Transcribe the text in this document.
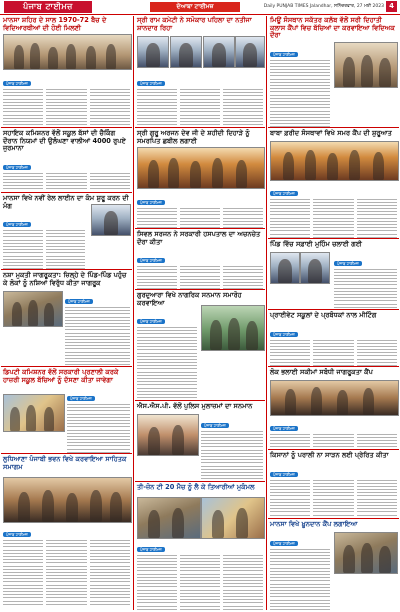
ਪੰਜਾਬ ਟਾਈਮਜ਼	ਦੋਆਬਾ ਟਾਈਮਜ਼	Daily PUNJAB TIMES Jalandhar, ਸਨਿੱਚਰਵਾਰ, 27 ਮਈ 2023 4
ਮਾਨਸਾ ਸ਼ਹਿਰ ਦੇ ਸਾਲ 1970-72 ਬੈਚ ਦੇ ਵਿਦਿਆਰਥੀਆਂ ਦੀ ਹੋਈ ਮਿਲਣੀ
ਪੰਜਾਬ ਟਾਈਮਜ਼
ਸਹਾਇਕ ਕਮਿਸ਼ਨਰ ਵੱਲੋਂ ਸਕੂਲ ਬੱਸਾਂ ਦੀ ਚੈਕਿੰਗ ਦੌਰਾਨ ਨਿਯਮਾਂ ਦੀ ਉਲੰਘਣਾ ਵਾਲੀਆਂ 4000 ਰੁਪਏ ਜੁਰਮਾਨਾ
ਪੰਜਾਬ ਟਾਈਮਜ਼
ਮਾਨਸਾ ਵਿਖੇ ਨਵੀਂ ਰੇਲ ਲਾਈਨ ਦਾ ਕੰਮ ਸ਼ੁਰੂ ਕਰਨ ਦੀ ਮੰਗ
ਪੰਜਾਬ ਟਾਈਮਜ਼
ਨਸ਼ਾ ਮੁਕਤੀ ਜਾਗਰੂਕਤਾ: ਜ਼ਿਲ੍ਹੇ ਦੇ ਪਿੰਡ-ਪਿੰਡ ਪਹੁੰਚ ਕੇ ਲੋਕਾਂ ਨੂੰ ਨਸ਼ਿਆਂ ਵਿਰੁੱਧ ਕੀਤਾ ਜਾਗਰੂਕ
ਪੰਜਾਬ ਟਾਈਮਜ਼
ਡਿਪਟੀ ਕਮਿਸ਼ਨਰ ਵੱਲੋਂ ਸਰਕਾਰੀ ਪ੍ਰਣਾਲੀ ਕਰਕੇ ਹਾਜ਼ਰੀ ਸਕੂਲ ਬੱਚਿਆਂ ਨੂੰ ਦੱਸਣਾ ਕੀਤਾ ਜਾਵੇਗਾ
ਪੰਜਾਬ ਟਾਈਮਜ਼
ਲੁਧਿਆਣਾ ਪੰਜਾਬੀ ਭਵਨ ਵਿਖੇ ਕਰਵਾਇਆ ਸਾਹਿਤਕ ਸਮਾਗਮ
ਪੰਜਾਬ ਟਾਈਮਜ਼
ਸ੍ਰੀ ਰਾਮ ਕਮੇਟੀ ਨੇ ਸਮੋਕਾਰ ਪਹਿਲਾ ਦਾ ਨਤੀਜਾ ਸ਼ਾਨਦਾਰ ਰਿਹਾ
ਪੰਜਾਬ ਟਾਈਮਜ਼
ਸ੍ਰੀ ਗੁਰੂ ਅਰਜਨ ਦੇਵ ਜੀ ਦੇ ਸ਼ਹੀਦੀ ਦਿਹਾੜੇ ਨੂੰ ਸਮਰਪਿਤ ਛਬੀਲ ਲਗਾਈ
ਪੰਜਾਬ ਟਾਈਮਜ਼
ਸਿਵਲ ਸਰਜਨ ਨੇ ਸਰਕਾਰੀ ਹਸਪਤਾਲ ਦਾ ਅਚਨਚੇਤ ਦੌਰਾ ਕੀਤਾ
ਪੰਜਾਬ ਟਾਈਮਜ਼
ਗੁਰਦੁਆਰਾ ਵਿਖੇ ਨਾਗਰਿਕ ਸਨਮਾਨ ਸਮਾਰੋਹ ਕਰਵਾਇਆ
ਪੰਜਾਬ ਟਾਈਮਜ਼
ਐਸ.ਐਸ.ਪੀ. ਵੱਲੋਂ ਪੁਲਿਸ ਮੁਲਾਜ਼ਮਾਂ ਦਾ ਸਨਮਾਨ
ਪੰਜਾਬ ਟਾਈਮਜ਼
ਤੀ-ਜ਼ੋਨ ਟੀ 20 ਮੈਚ ਨੂੰ ਲੈ ਕੇ ਤਿਆਰੀਆਂ ਮੁਕੰਮਲ
ਪੰਜਾਬ ਟਾਈਮਜ਼
ਮਿਊਂ ਸੰਸਥਾਨ ਸਕੱਤਰ ਕਲੱਬ ਵੱਲੋਂ ਸਰੀ ਦਿਹਾਤੀ ਕਲਾਸ ਕੈਂਪਾਂ ਵਿਚ ਬੱਚਿਆਂ ਦਾ ਕਰਵਾਇਆ ਵਿਦਿਅਕ ਦੌਰਾ
ਪੰਜਾਬ ਟਾਈਮਜ਼
ਬਾਬਾ ਫ਼ਰੀਦ ਸੰਸਥਾਵਾਂ ਵਿਖੇ ਸਮਰ ਕੈਂਪ ਦੀ ਸ਼ੁਰੂਆਤ
ਪੰਜਾਬ ਟਾਈਮਜ਼
ਪਿੰਡ ਵਿੱਚ ਸਫ਼ਾਈ ਮੁਹਿੰਮ ਚਲਾਈ ਗਈ
ਪੰਜਾਬ ਟਾਈਮਜ਼
ਪ੍ਰਾਈਵੇਟ ਸਕੂਲਾਂ ਦੇ ਪ੍ਰਬੰਧਕਾਂ ਨਾਲ ਮੀਟਿੰਗ
ਪੰਜਾਬ ਟਾਈਮਜ਼
ਲੋਕ ਭਲਾਈ ਸਕੀਮਾਂ ਸਬੰਧੀ ਜਾਗਰੂਕਤਾ ਕੈਂਪ
ਪੰਜਾਬ ਟਾਈਮਜ਼
ਕਿਸਾਨਾਂ ਨੂੰ ਪਰਾਲੀ ਨਾ ਸਾੜਨ ਲਈ ਪ੍ਰੇਰਿਤ ਕੀਤਾ
ਪੰਜਾਬ ਟਾਈਮਜ਼
ਮਾਨਸਾ ਵਿਖੇ ਖ਼ੂਨਦਾਨ ਕੈਂਪ ਲਗਾਇਆ
ਪੰਜਾਬ ਟਾਈਮਜ਼
